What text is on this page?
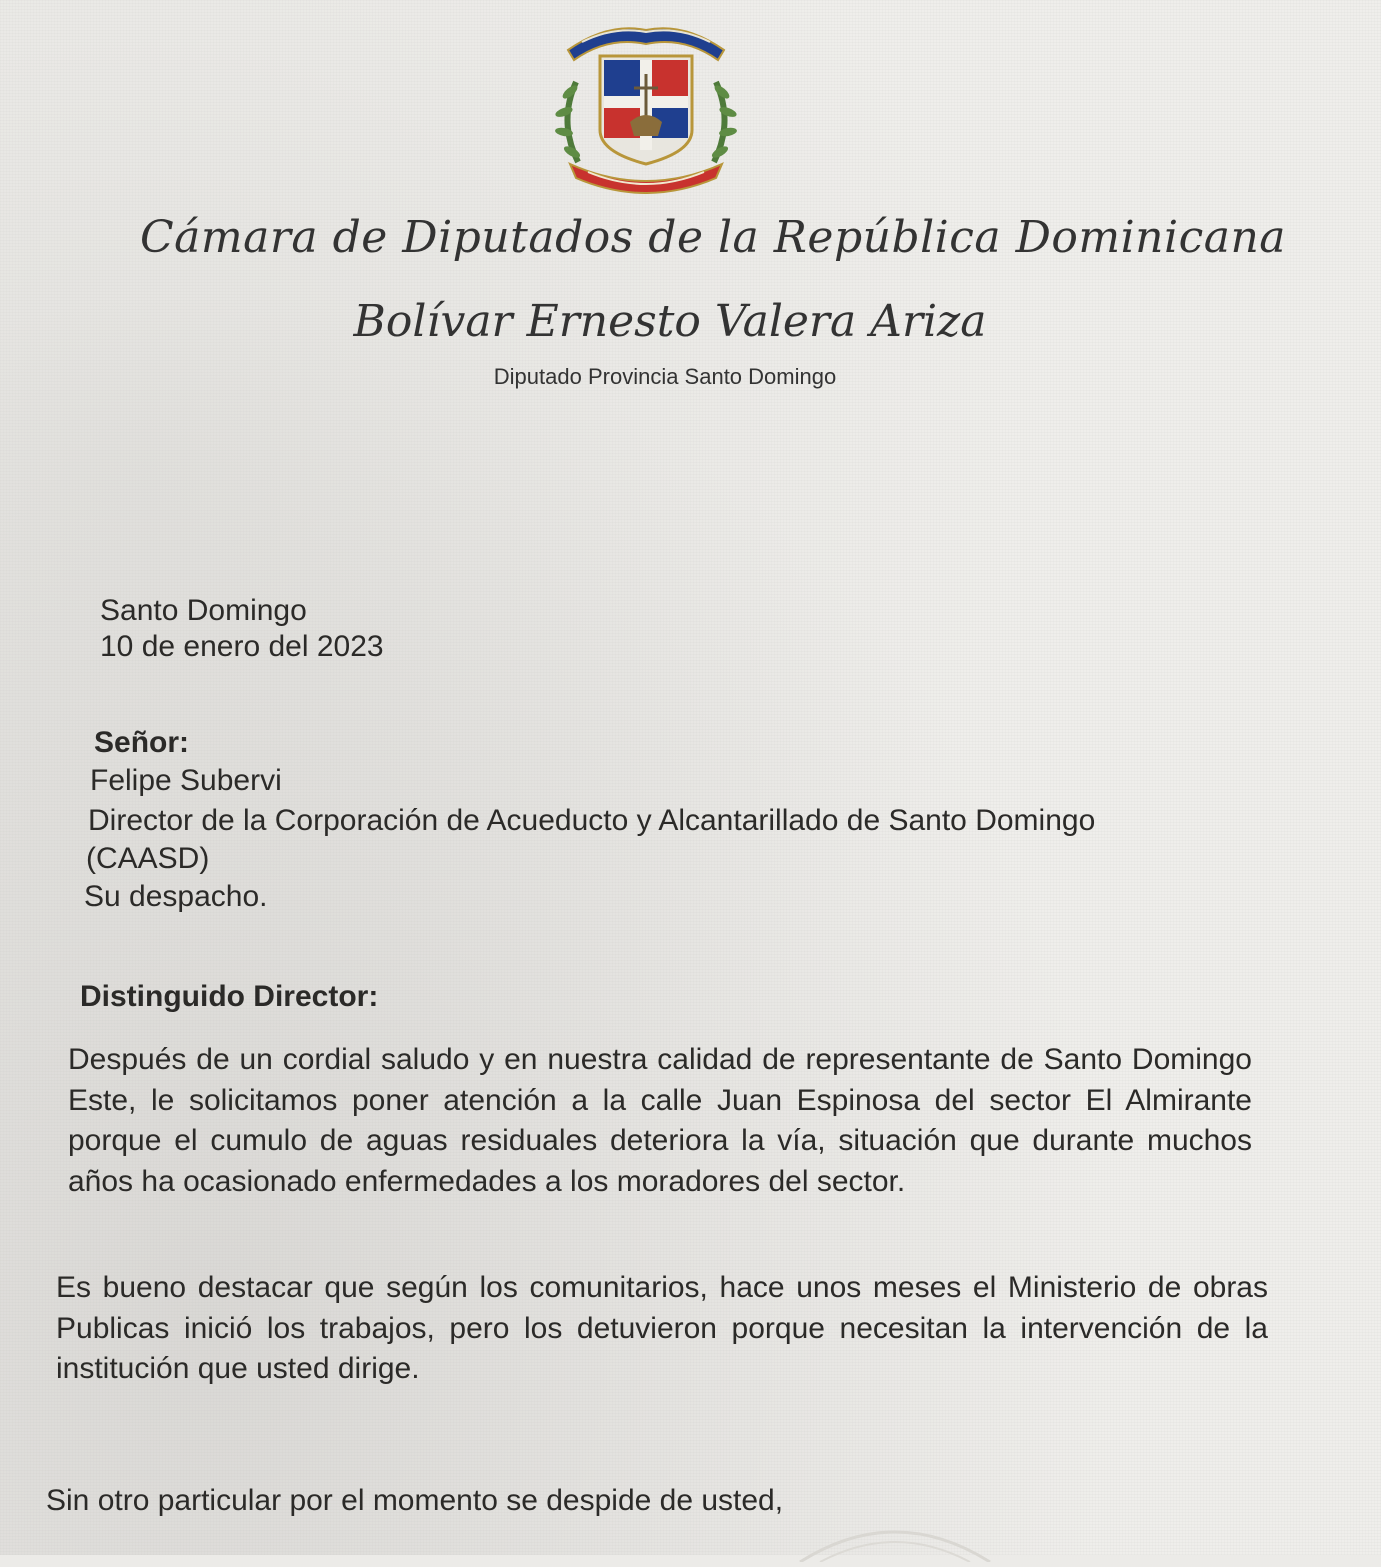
Cámara de Diputados de la República Dominicana
Bolívar Ernesto Valera Ariza
Diputado Provincia Santo Domingo
Santo Domingo
10 de enero del 2023
Señor:
Felipe Subervi
Director de la Corporación de Acueducto y Alcantarillado de Santo Domingo
(CAASD)
Su despacho.
Distinguido Director:
Después de un cordial saludo y en nuestra calidad de representante de Santo Domingo Este, le solicitamos poner atención a la calle Juan Espinosa del sector El Almirante porque el cumulo de aguas residuales deteriora la vía, situación que durante muchos años ha ocasionado enfermedades a los moradores del sector.
Es bueno destacar que según los comunitarios, hace unos meses el Ministerio de obras Publicas inició los trabajos, pero los detuvieron porque necesitan la intervención de la institución que usted dirige.
Sin otro particular por el momento se despide de usted,
